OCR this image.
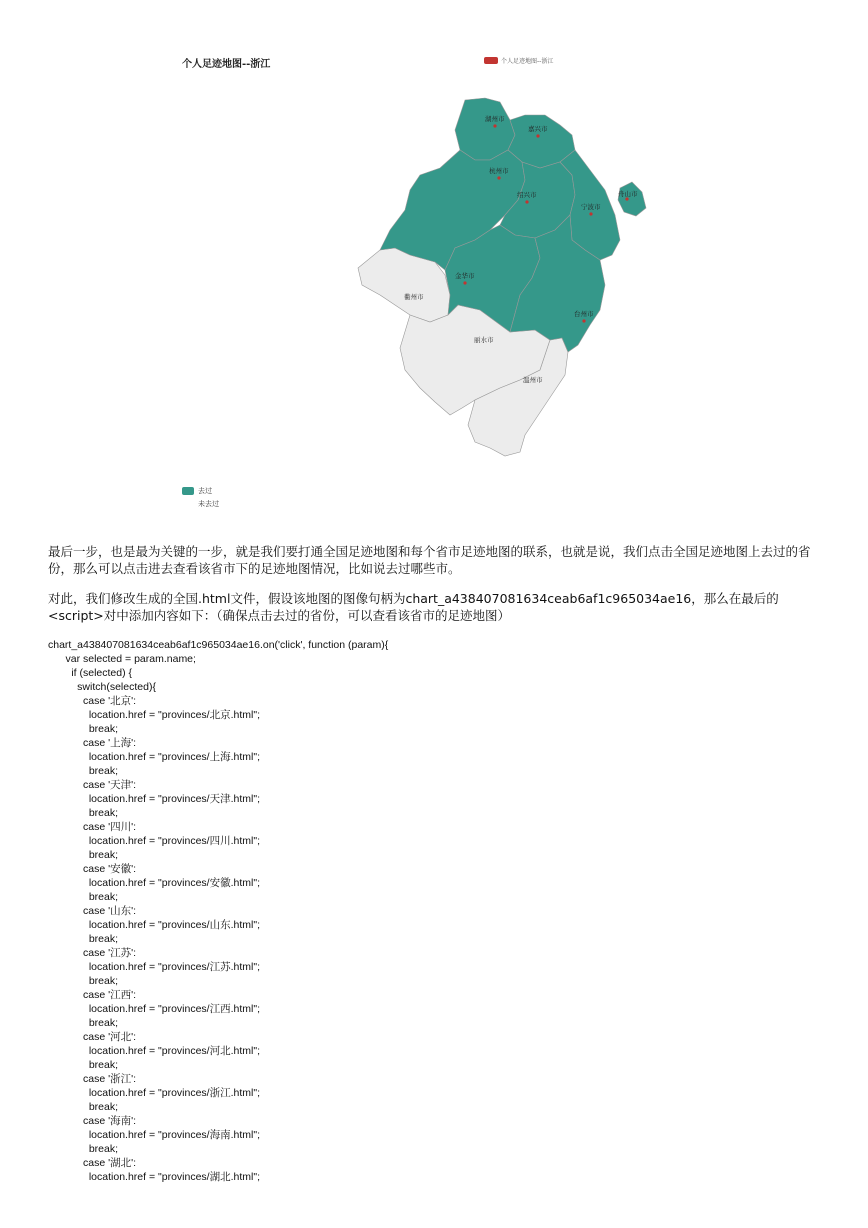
个人足迹地图--浙江	个人足迹地图--浙江
湖州市
嘉兴市
杭州市
绍兴市
宁波市
舟山市
金华市
台州市
衢州市
丽水市
温州市
去过
未去过
最后一步，也是最为关键的一步，就是我们要打通全国足迹地图和每个省市足迹地图的联系，也就是说，我们点击全国足迹地图上去过的省份，那么可以点击进去查看该省市下的足迹地图情况，比如说去过哪些市。
对此，我们修改生成的全国.html文件，假设该地图的图像句柄为chart_a438407081634ceab6af1c965034ae16，那么在最后的<script>对中添加内容如下：（确保点击去过的省份，可以查看该省市的足迹地图）
chart_a438407081634ceab6af1c965034ae16.on('click', function (param){
var selected = param.name;
if (selected) {
switch(selected){
case '北京':
location.href = "provinces/北京.html";
break;
case '上海':
location.href = "provinces/上海.html";
break;
case '天津':
location.href = "provinces/天津.html";
break;
case '四川':
location.href = "provinces/四川.html";
break;
case '安徽':
location.href = "provinces/安徽.html";
break;
case '山东':
location.href = "provinces/山东.html";
break;
case '江苏':
location.href = "provinces/江苏.html";
break;
case '江西':
location.href = "provinces/江西.html";
break;
case '河北':
location.href = "provinces/河北.html";
break;
case '浙江':
location.href = "provinces/浙江.html";
break;
case '海南':
location.href = "provinces/海南.html";
break;
case '湖北':
location.href = "provinces/湖北.html";
